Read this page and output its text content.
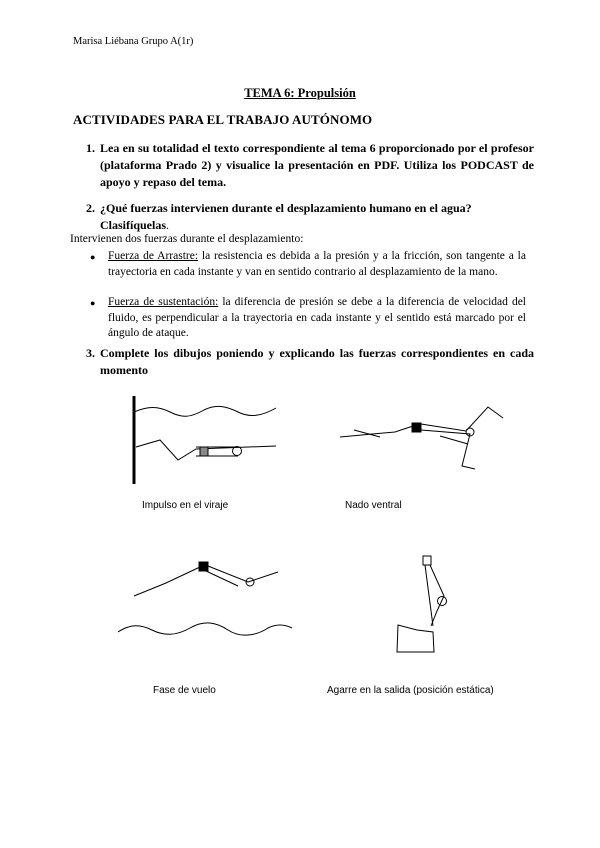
Marisa Liébana Grupo A(1r)
TEMA 6: Propulsión
ACTIVIDADES PARA EL TRABAJO AUTÓNOMO
1. Lea en su totalidad el texto correspondiente al tema 6 proporcionado por el profesor (plataforma Prado 2) y visualice la presentación en PDF. Utiliza los PODCAST de apoyo y repaso del tema.
2. ¿Qué fuerzas intervienen durante el desplazamiento humano en el agua?
Clasifíquelas.
Intervienen dos fuerzas durante el desplazamiento:
● Fuerza de Arrastre: la resistencia es debida a la presión y a la fricción, son tangente a la trayectoria en cada instante y van en sentido contrario al desplazamiento de la mano.
● Fuerza de sustentación: la diferencia de presión se debe a la diferencia de velocidad del fluido, es perpendicular a la trayectoria en cada instante y el sentido está marcado por el ángulo de ataque.
3. Complete los dibujos poniendo y explicando las fuerzas correspondientes en cada momento
Impulso en el viraje	Nado ventral
Fase de vuelo	Agarre en la salida (posición estática)
